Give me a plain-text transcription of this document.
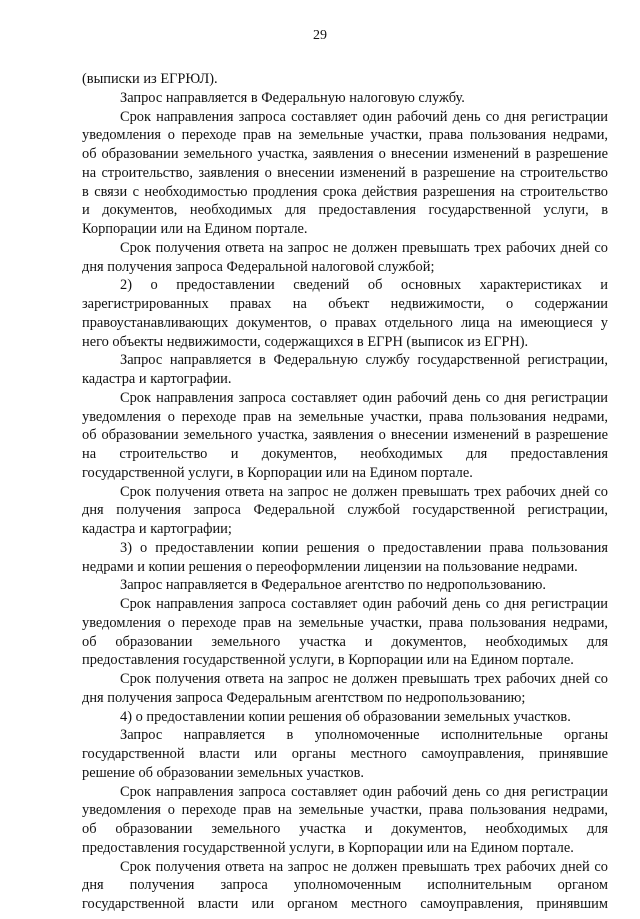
29

(выписки из ЕГРЮЛ).

Запрос направляется в Федеральную налоговую службу.

Срок направления запроса составляет один рабочий день со дня регистрации

уведомления о переходе прав на земельные участки, права пользования недрами,

об образовании земельного участка, заявления о внесении изменений в разрешение

на строительство, заявления о внесении изменений в разрешение на строительство

в связи с необходимостью продления срока действия разрешения на строительство

и документов, необходимых для предоставления государственной услуги, в

Корпорации или на Едином портале.

Срок получения ответа на запрос не должен превышать трех рабочих дней со

дня получения запроса Федеральной налоговой службой;

2) о предоставлении сведений об основных характеристиках и

зарегистрированных правах на объект недвижимости, о содержании

правоустанавливающих документов, о правах отдельного лица на имеющиеся у

него объекты недвижимости, содержащихся в ЕГРН (выписок из ЕГРН).

Запрос направляется в Федеральную службу государственной регистрации,

кадастра и картографии.

Срок направления запроса составляет один рабочий день со дня регистрации

уведомления о переходе прав на земельные участки, права пользования недрами,

об образовании земельного участка, заявления о внесении изменений в разрешение

на строительство и документов, необходимых для предоставления

государственной услуги, в Корпорации или на Едином портале.

Срок получения ответа на запрос не должен превышать трех рабочих дней со

дня получения запроса Федеральной службой государственной регистрации,

кадастра и картографии;

3) о предоставлении копии решения о предоставлении права пользования

недрами и копии решения о переоформлении лицензии на пользование недрами.

Запрос направляется в Федеральное агентство по недропользованию.

Срок направления запроса составляет один рабочий день со дня регистрации

уведомления о переходе прав на земельные участки, права пользования недрами,

об образовании земельного участка и документов, необходимых для

предоставления государственной услуги, в Корпорации или на Едином портале.

Срок получения ответа на запрос не должен превышать трех рабочих дней со

дня получения запроса Федеральным агентством по недропользованию;

4) о предоставлении копии решения об образовании земельных участков.

Запрос направляется в уполномоченные исполнительные органы

государственной власти или органы местного самоуправления, принявшие

решение об образовании земельных участков.

Срок направления запроса составляет один рабочий день со дня регистрации

уведомления о переходе прав на земельные участки, права пользования недрами,

об образовании земельного участка и документов, необходимых для

предоставления государственной услуги, в Корпорации или на Едином портале.

Срок получения ответа на запрос не должен превышать трех рабочих дней со

дня получения запроса уполномоченным исполнительным органом

государственной власти или органом местного самоуправления, принявшим
